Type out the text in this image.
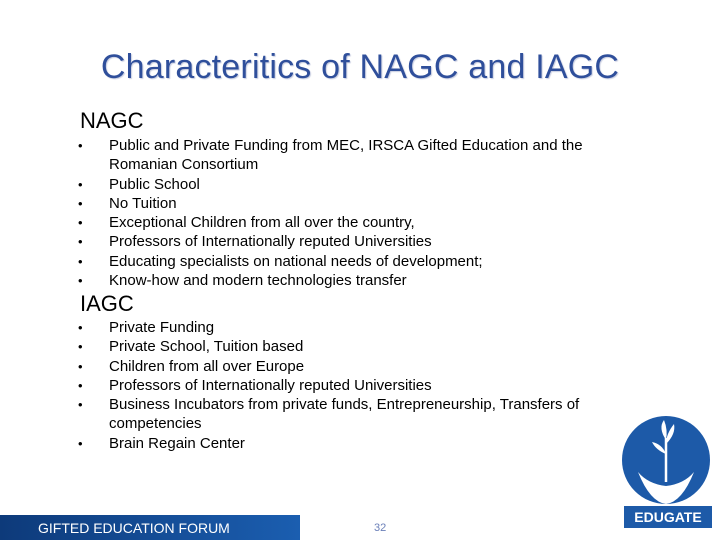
Characteritics of NAGC and IAGC
NAGC
• Public and Private Funding from MEC, IRSCA Gifted Education and the Romanian Consortium
• Public School
• No Tuition
• Exceptional Children from all over the country,
• Professors of Internationally reputed Universities
• Educating specialists on national needs of development;
• Know-how and modern technologies transfer
IAGC
• Private Funding
• Private School, Tuition based
• Children from all over Europe
• Professors of Internationally reputed Universities
• Business Incubators from private funds, Entrepreneurship, Transfers of competencies
• Brain Regain Center
EDUGATE
GIFTED EDUCATION FORUM	32
